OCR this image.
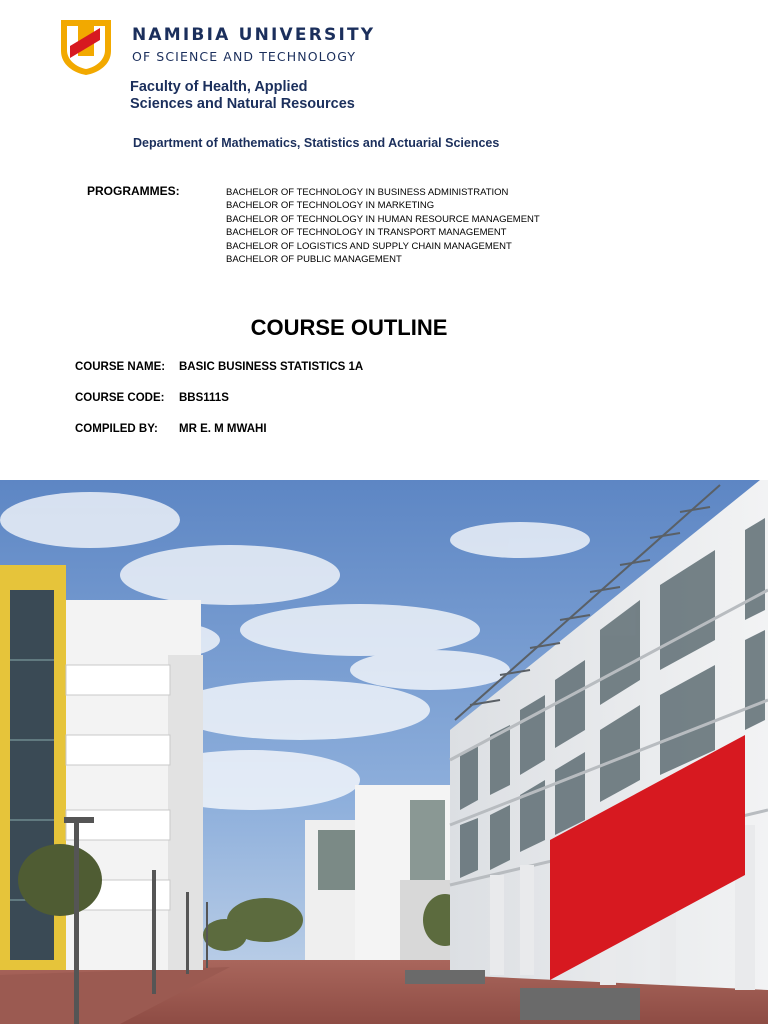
NAMIBIA UNIVERSITY
OF SCIENCE AND TECHNOLOGY
Faculty of Health, Applied
Sciences and Natural Resources
Department of Mathematics, Statistics and Actuarial Sciences
PROGRAMMES:	BACHELOR OF TECHNOLOGY IN BUSINESS ADMINISTRATION
BACHELOR OF TECHNOLOGY IN MARKETING
BACHELOR OF TECHNOLOGY IN HUMAN RESOURCE MANAGEMENT
BACHELOR OF TECHNOLOGY IN TRANSPORT MANAGEMENT
BACHELOR OF LOGISTICS AND SUPPLY CHAIN MANAGEMENT
BACHELOR OF PUBLIC MANAGEMENT
COURSE OUTLINE
COURSE NAME: BASIC BUSINESS STATISTICS 1A
COURSE CODE: BBS111S
COMPILED BY: MR E. M MWAHI
